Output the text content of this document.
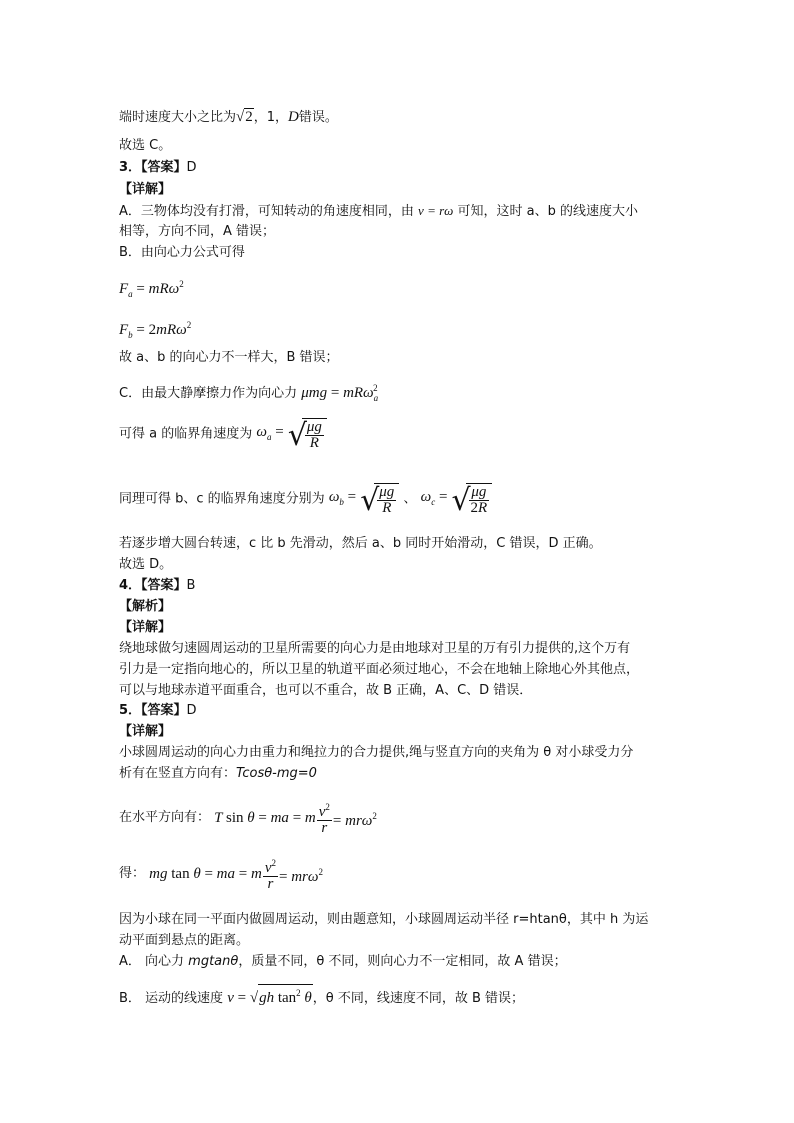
端时速度大小之比为√2，1，D错误。
故选 C。
3．【答案】D
【详解】
A．三物体均没有打滑，可知转动的角速度相同，由 v = rω 可知，这时 a、b 的线速度大小
相等，方向不同，A 错误；
B．由向心力公式可得
$F_a = mR\omega^2$
$F_b = 2mR\omega^2$
故 a、b 的向心力不一样大，B 错误；
C．由最大静摩擦力作为向心力 μmg = mRω$_a^2$
可得 a 的临界角速度为 $\omega_a$ = √
$\frac{\mu g}{R}$
同理可得 b、c 的临界角速度分别为 $\omega_b$ = √
$\frac{\mu g}{R}$ 、 $\omega_c$ = √
$\frac{\mu g}{2R}$
若逐步增大圆台转速，c 比 b 先滑动，然后 a、b 同时开始滑动，C 错误，D 正确。
故选 D。
4．【答案】B
【解析】
【详解】
绕地球做匀速圆周运动的卫星所需要的向心力是由地球对卫星的万有引力提供的,这个万有
引力是一定指向地心的，所以卫星的轨道平面必须过地心，不会在地轴上除地心外其他点，
可以与地球赤道平面重合，也可以不重合，故 B 正确，A、C、D 错误．
5．【答案】D
【详解】
小球圆周运动的向心力由重力和绳拉力的合力提供,绳与竖直方向的夹角为 θ 对小球受力分
析有在竖直方向有：Tcosθ-mg=0
在水平方向有： T sin θ = ma = m $\frac{v^2}{r} = mr\omega^2$
得： mg tan θ = ma = m $\frac{v^2}{r} = mr\omega^2$
因为小球在同一平面内做圆周运动，则由题意知，小球圆周运动半径 r=htanθ，其中 h 为运
动平面到悬点的距离。
A． 向心力 mgtanθ，质量不同，θ 不同，则向心力不一定相同，故 A 错误；
B． 运动的线速度 v = √gh $\tan^2 \theta$，θ 不同，线速度不同，故 B 错误；
